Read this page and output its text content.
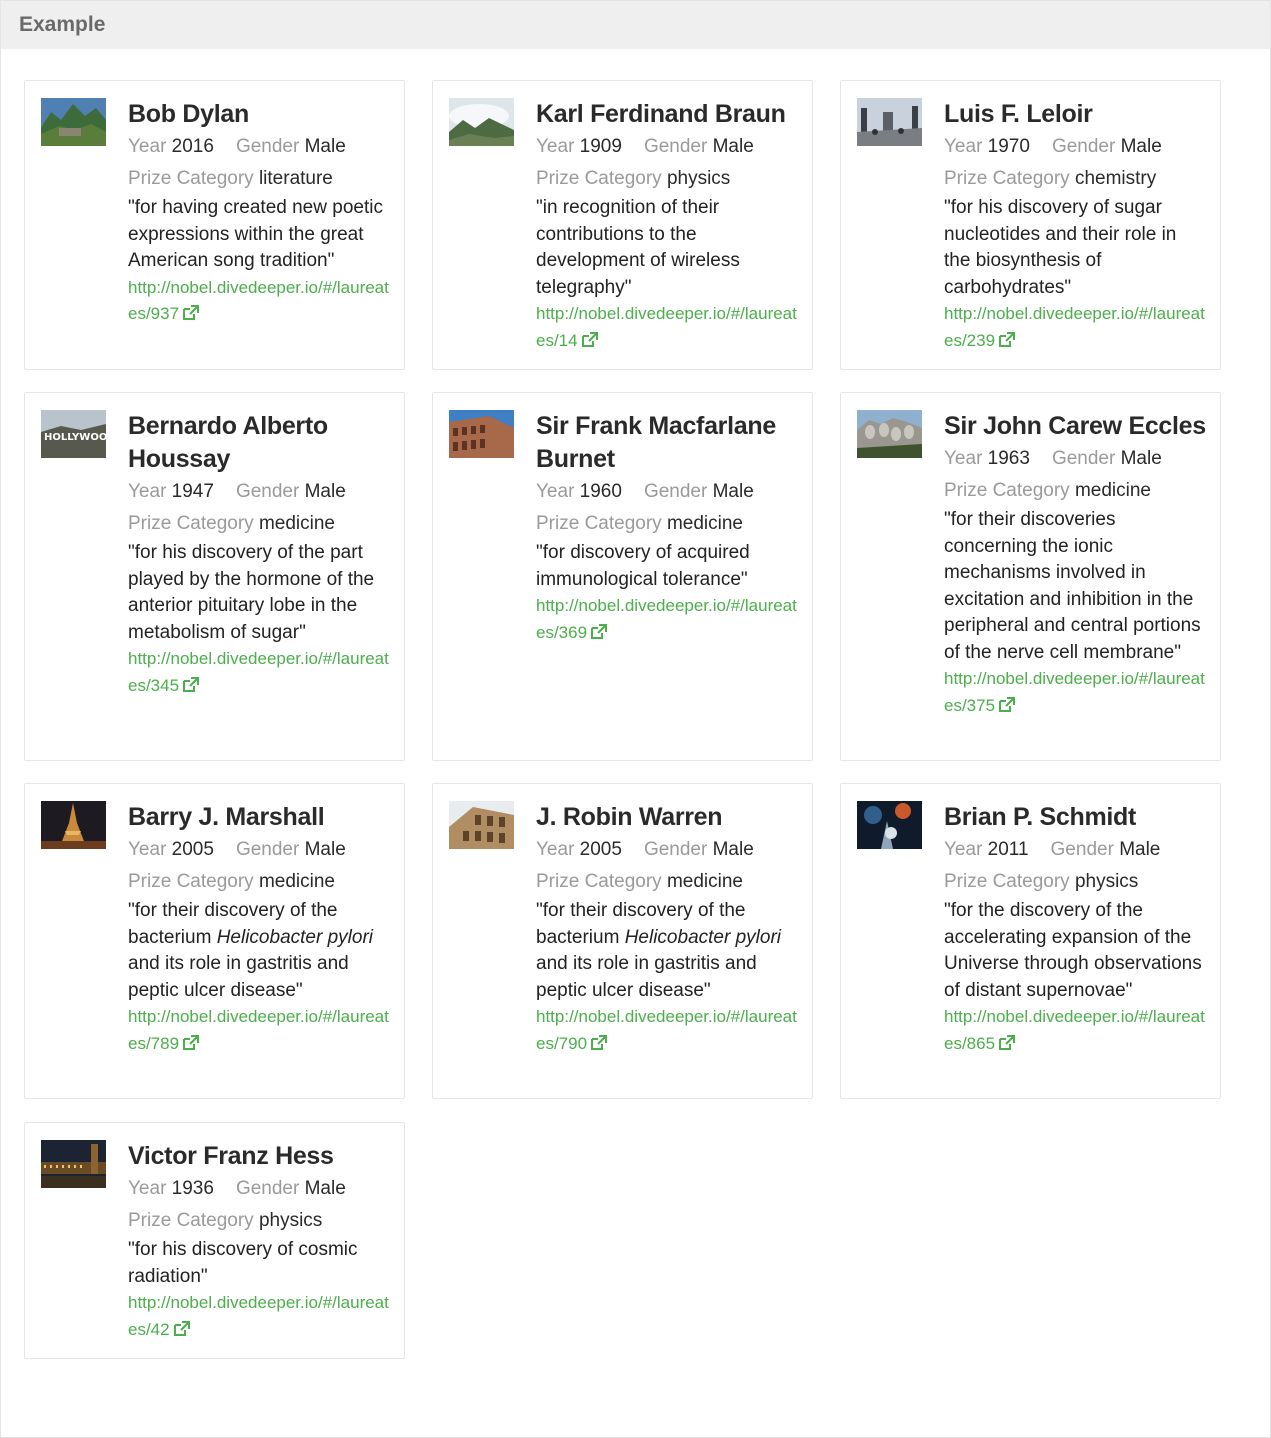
Example
Bob Dylan
Year 2016 Gender Male
Prize Category literature
"for having created new poetic expressions within the great American song tradition"
http://nobel.divedeeper.io/#/laureates/937
Karl Ferdinand Braun
Year 1909 Gender Male
Prize Category physics
"in recognition of their contributions to the development of wireless telegraphy"
http://nobel.divedeeper.io/#/laureates/14
Luis F. Leloir
Year 1970 Gender Male
Prize Category chemistry
"for his discovery of sugar nucleotides and their role in the biosynthesis of carbohydrates"
http://nobel.divedeeper.io/#/laureates/239
HOLLYWOOD Bernardo Alberto Houssay
Year 1947 Gender Male
Prize Category medicine
"for his discovery of the part played by the hormone of the anterior pituitary lobe in the metabolism of sugar"
http://nobel.divedeeper.io/#/laureates/345
Sir Frank Macfarlane Burnet
Year 1960 Gender Male
Prize Category medicine
"for discovery of acquired immunological tolerance"
http://nobel.divedeeper.io/#/laureates/369
Sir John Carew Eccles
Year 1963 Gender Male
Prize Category medicine
"for their discoveries concerning the ionic mechanisms involved in excitation and inhibition in the peripheral and central portions of the nerve cell membrane"
http://nobel.divedeeper.io/#/laureates/375
Barry J. Marshall
Year 2005 Gender Male
Prize Category medicine
"for their discovery of the bacterium Helicobacter pylori and its role in gastritis and peptic ulcer disease"
http://nobel.divedeeper.io/#/laureates/789
J. Robin Warren
Year 2005 Gender Male
Prize Category medicine
"for their discovery of the bacterium Helicobacter pylori and its role in gastritis and peptic ulcer disease"
http://nobel.divedeeper.io/#/laureates/790
Brian P. Schmidt
Year 2011 Gender Male
Prize Category physics
"for the discovery of the accelerating expansion of the Universe through observations of distant supernovae"
http://nobel.divedeeper.io/#/laureates/865
Victor Franz Hess
Year 1936 Gender Male
Prize Category physics
"for his discovery of cosmic radiation"
http://nobel.divedeeper.io/#/laureates/42
